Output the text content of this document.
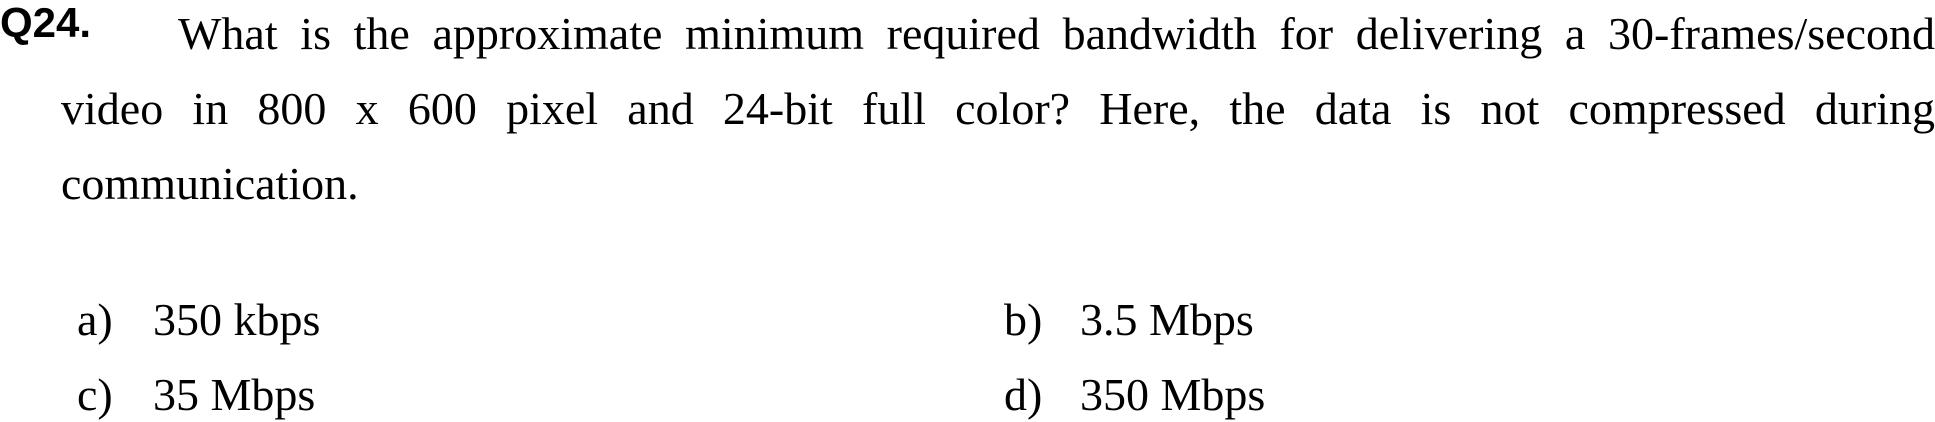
Q24.	What is the approximate minimum required bandwidth for delivering a 30-frames/second video in 800 x 600 pixel and 24-bit full color? Here, the data is not compressed during communication.

a) 350 kbps	b) 3.5 Mbps
c) 35 Mbps	d) 350 Mbps
